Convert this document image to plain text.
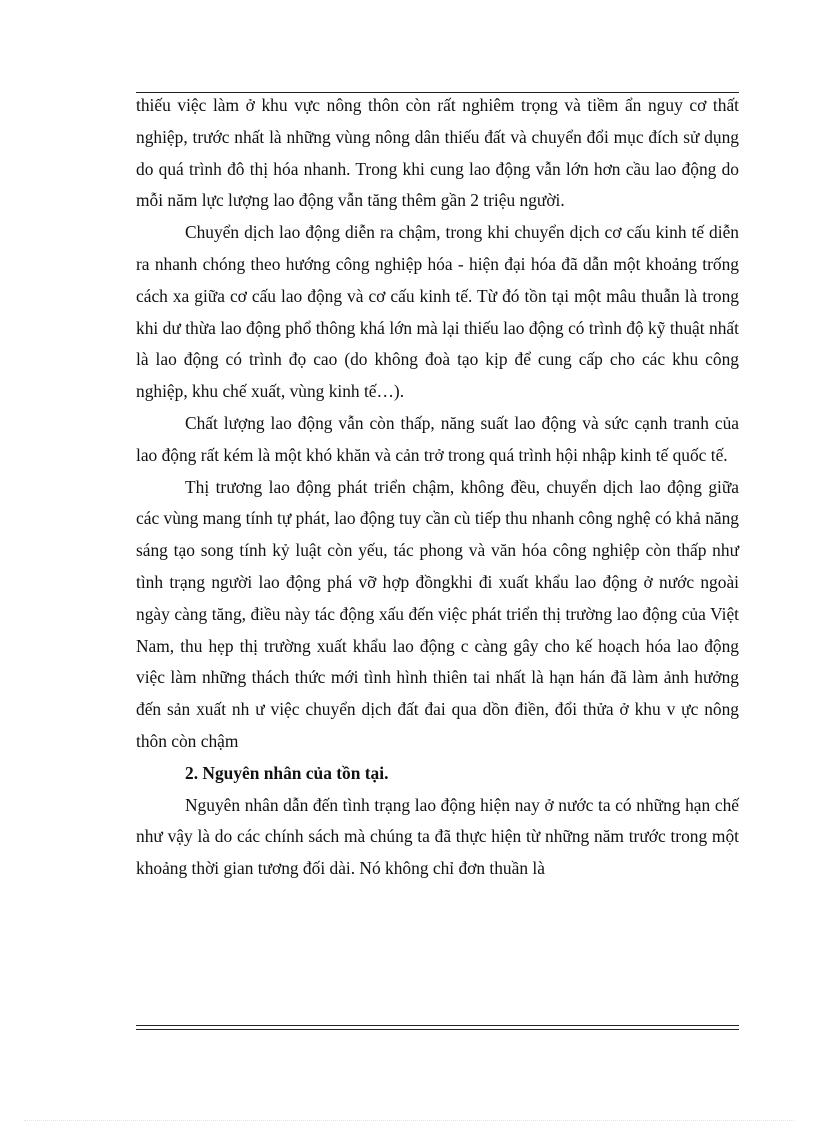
thiếu việc làm ở khu vực nông thôn còn rất nghiêm trọng và tiềm ẩn nguy cơ thất nghiệp, trước nhất là những vùng nông dân thiếu đất và chuyển đổi mục đích sử dụng do quá trình đô thị hóa nhanh. Trong khi cung lao động vẫn lớn hơn cầu lao động do mỗi năm lực lượng lao động vẫn tăng thêm gần 2 triệu người.

Chuyển dịch lao động diễn ra chậm, trong khi chuyển dịch cơ cấu kinh tế diễn ra nhanh chóng theo hướng công nghiệp hóa - hiện đại hóa đã dẫn một khoảng trống cách xa giữa cơ cấu lao động và cơ cấu kinh tế. Từ đó tồn tại một mâu thuẫn là trong khi dư thừa lao động phổ thông khá lớn mà lại thiếu lao động có trình độ kỹ thuật nhất là lao động có trình đọ cao (do không đoà tạo kịp để cung cấp cho các khu công nghiệp, khu chế xuất, vùng kinh tế…).

Chất lượng lao động vẫn còn thấp, năng suất lao động và sức cạnh tranh của lao động rất kém là một khó khăn và cản trở trong quá trình hội nhập kinh tế quốc tế.

Thị trương lao động phát triển chậm, không đều, chuyển dịch lao động giữa các vùng mang tính tự phát, lao động tuy cần cù tiếp thu nhanh công nghệ có khả năng sáng tạo song tính kỷ luật còn yếu, tác phong và văn hóa công nghiệp còn thấp như tình trạng người lao động phá vỡ hợp đồngkhi đi xuất khẩu lao động ở nước ngoài ngày càng tăng, điều này tác động xấu đến việc phát triển thị trường lao động của Việt Nam, thu hẹp thị trường xuất khẩu lao động c càng gây cho kế hoạch hóa lao động việc làm những thách thức mới tình hình thiên tai nhất là hạn hán đã làm ảnh hưởng đến sản xuất nh ư việc chuyển dịch đất đai qua dồn điền, đổi thửa ở khu v ực nông thôn còn chậm

2. Nguyên nhân của tồn tại.

Nguyên nhân dẫn đến tình trạng lao động hiện nay ở nước ta có những hạn chế như vậy là do các chính sách mà chúng ta đã thực hiện từ những năm trước trong một khoảng thời gian tương đối dài. Nó không chỉ đơn thuần là
